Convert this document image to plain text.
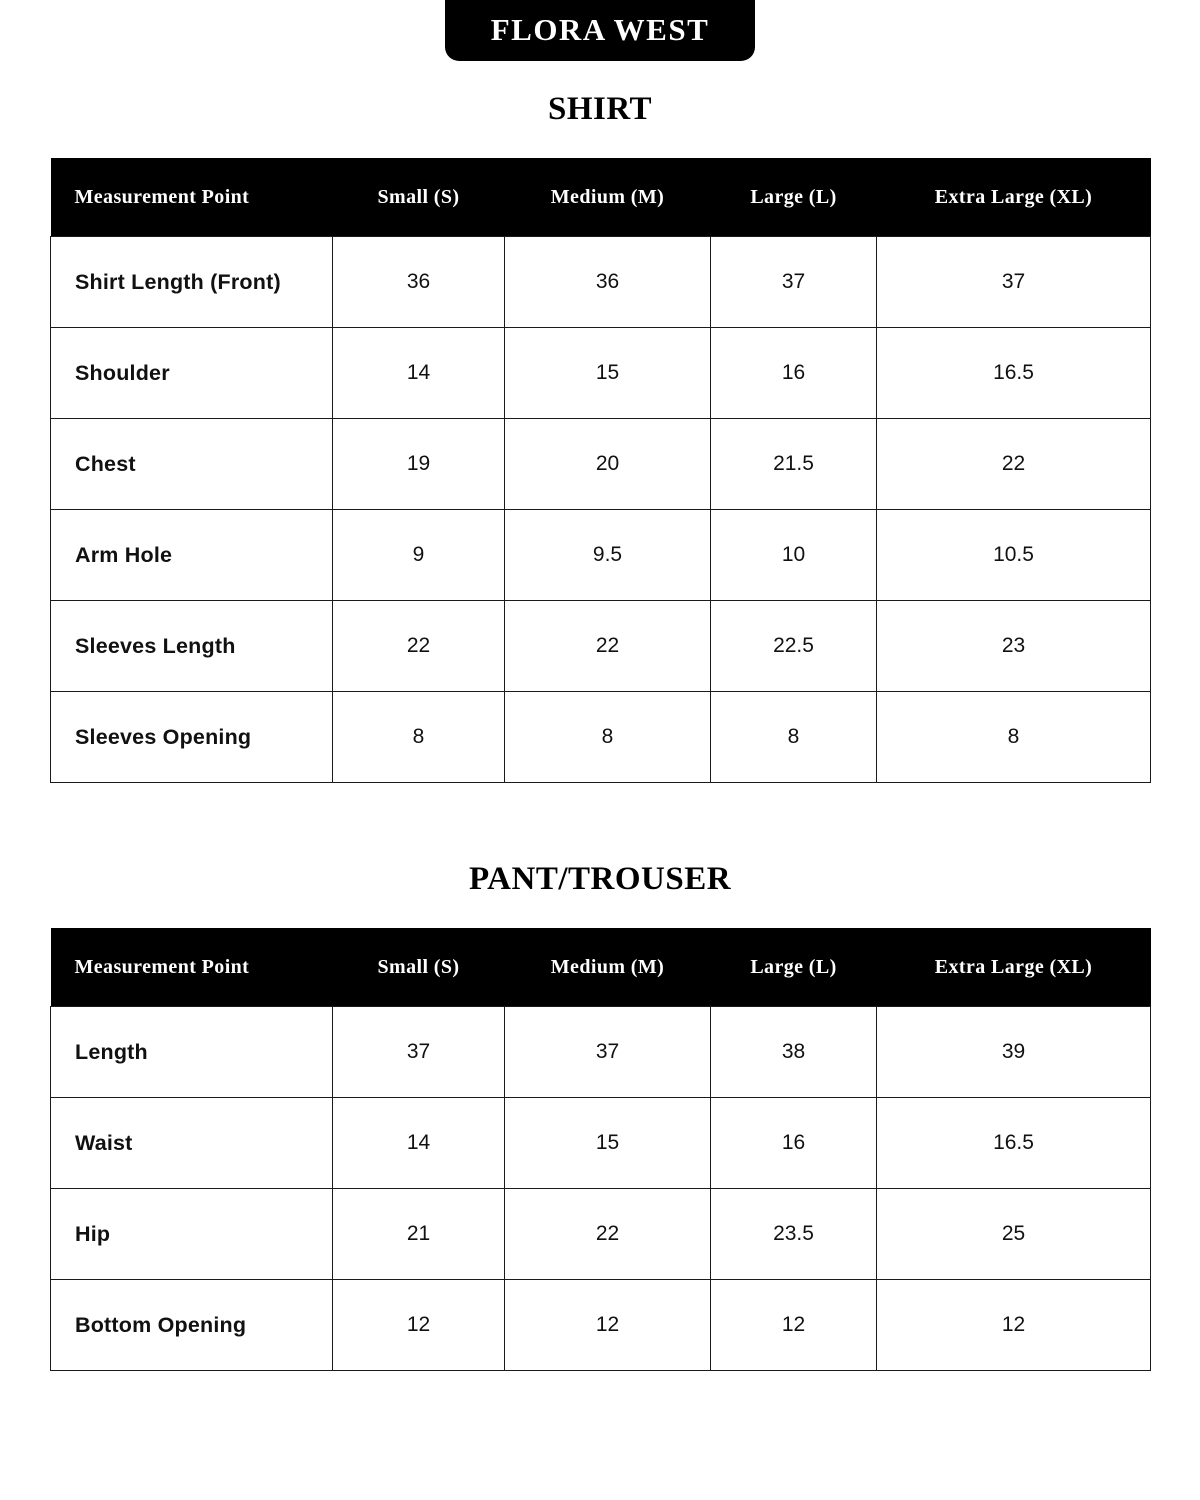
FLORA WEST
SHIRT
Measurement Point	Small (S)	Medium (M)	Large (L)	Extra Large (XL)
Shirt Length (Front)	36	36	37	37
Shoulder	14	15	16	16.5
Chest	19	20	21.5	22
Arm Hole	9	9.5	10	10.5
Sleeves Length	22	22	22.5	23
Sleeves Opening	8	8	8	8
PANT/TROUSER
Measurement Point	Small (S)	Medium (M)	Large (L)	Extra Large (XL)
Length	37	37	38	39
Waist	14	15	16	16.5
Hip	21	22	23.5	25
Bottom Opening	12	12	12	12
